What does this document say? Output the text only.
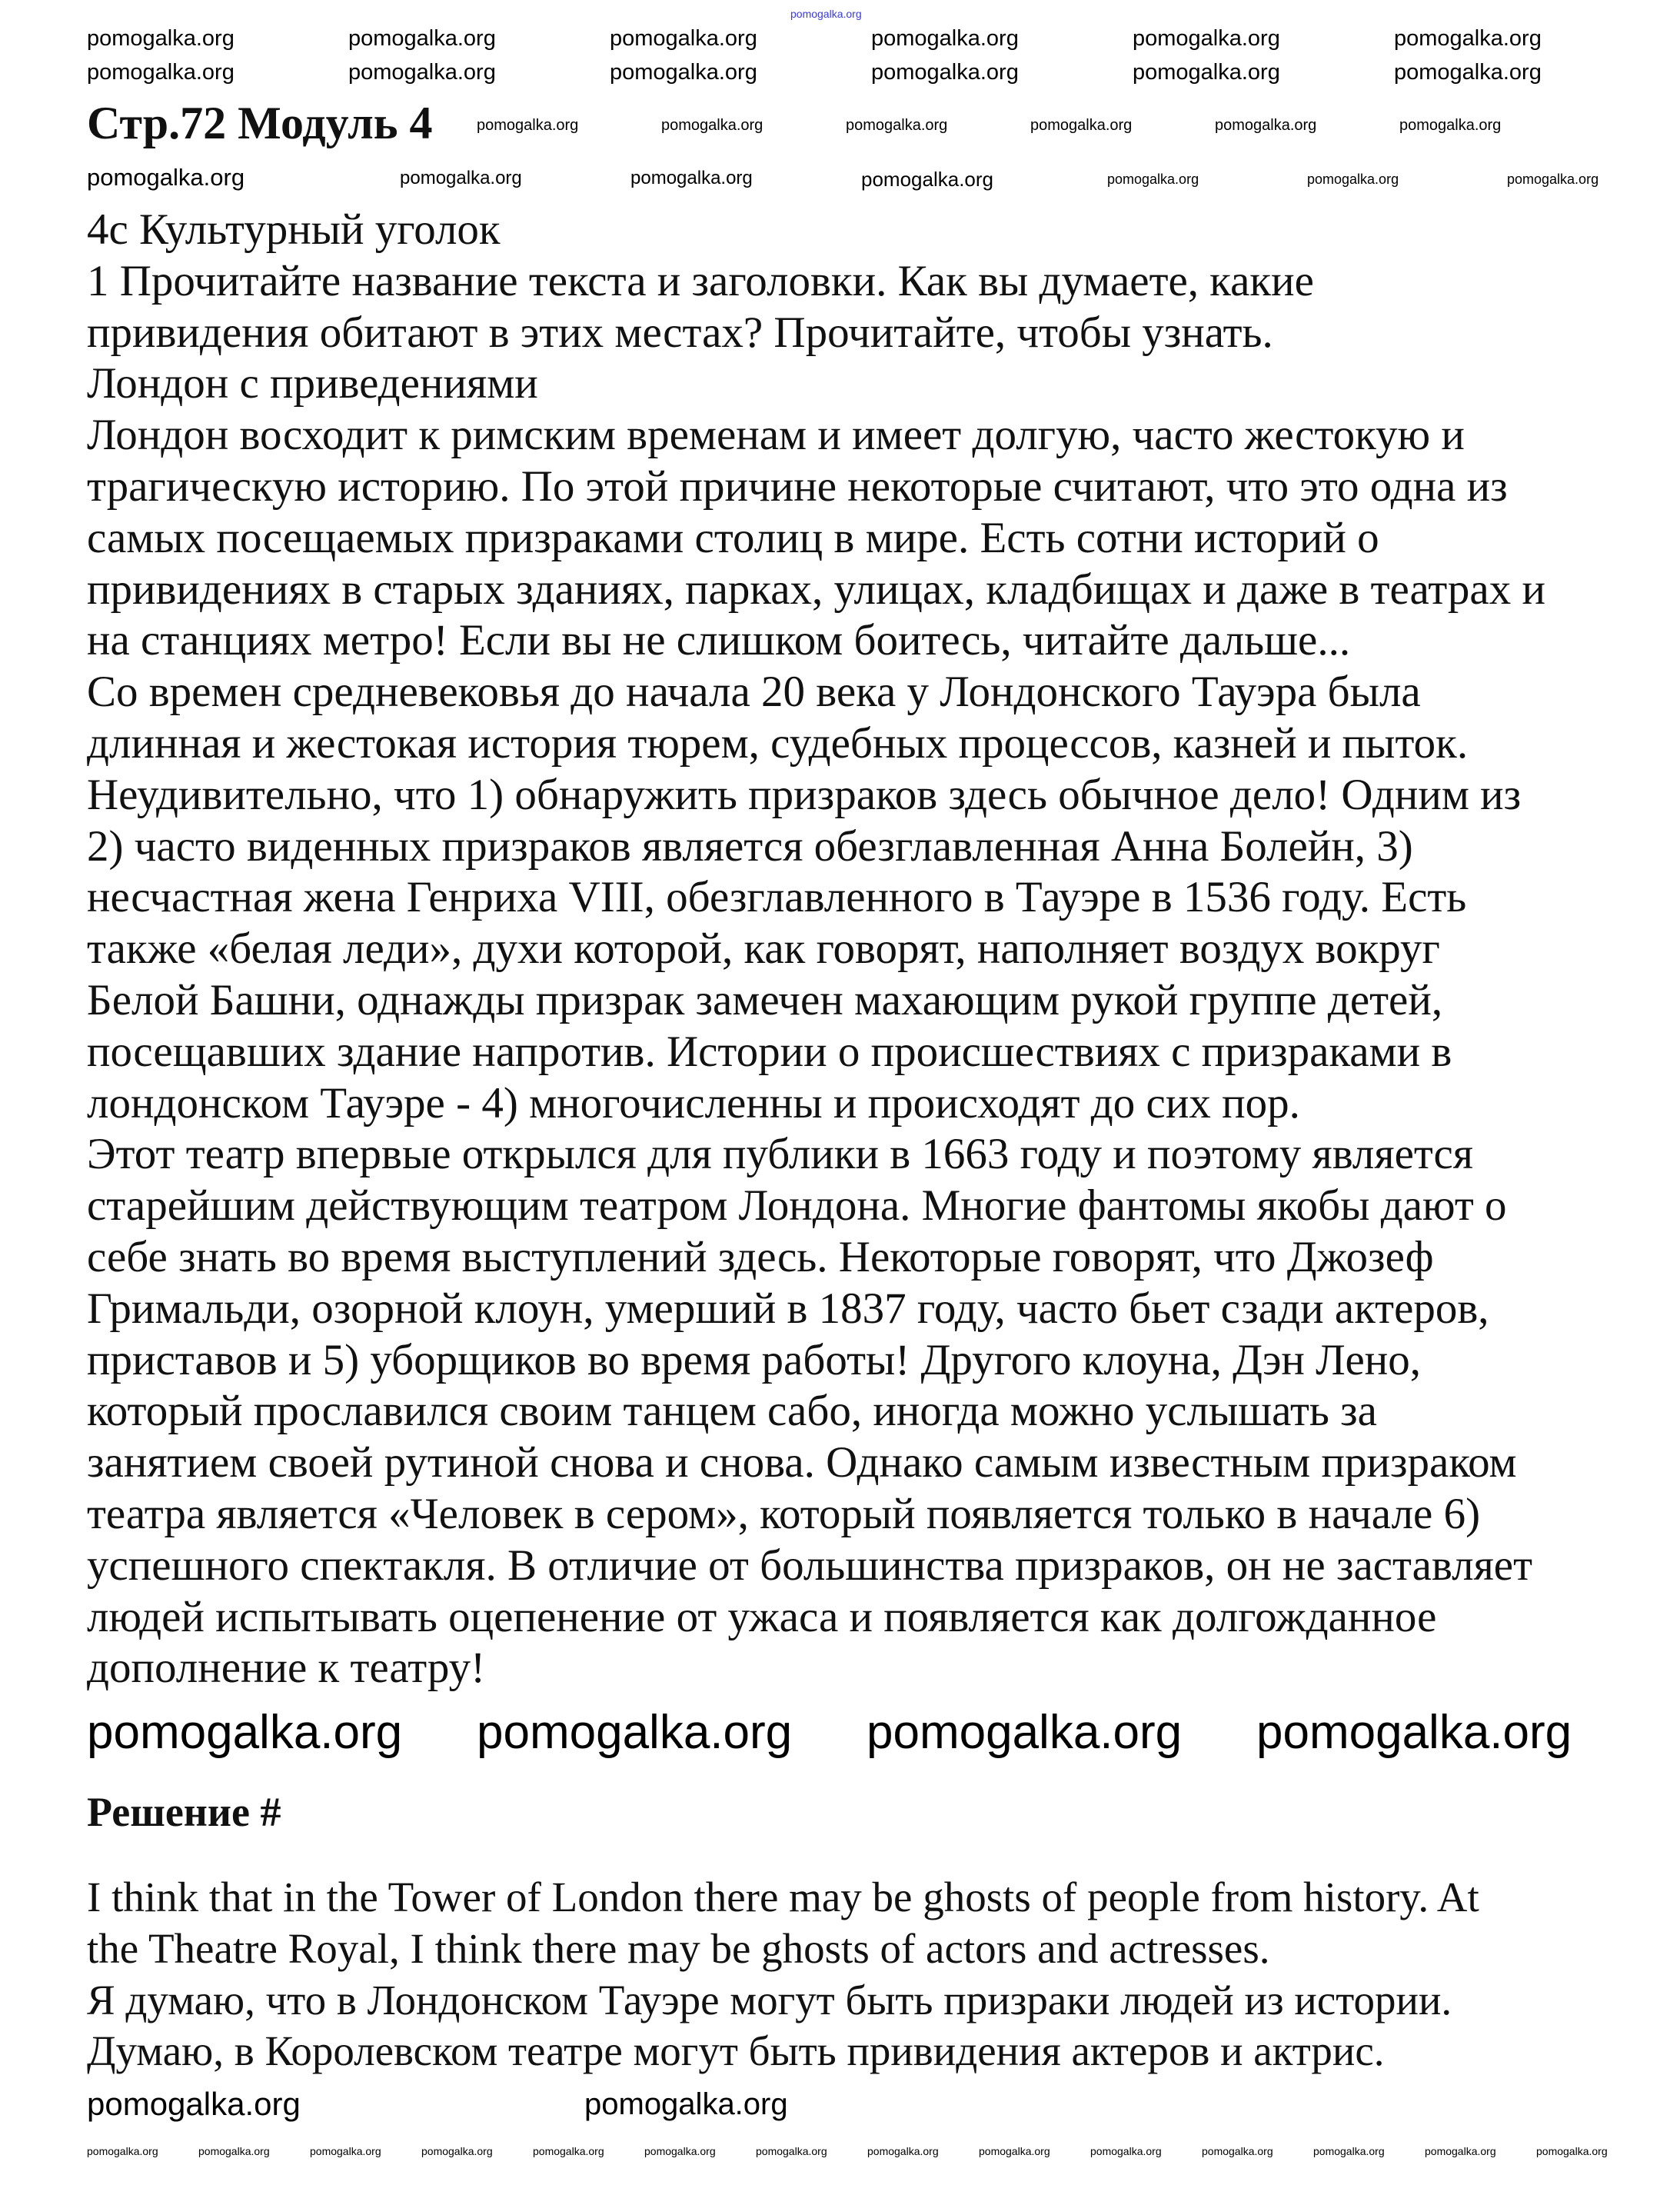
Стр.72 Модуль 4
4c Культурный уголок
1 Прочитайте название текста и заголовки. Как вы думаете, какие
привидения обитают в этих местах? Прочитайте, чтобы узнать.
Лондон с приведениями
Лондон восходит к римским временам и имеет долгую, часто жестокую и
трагическую историю. По этой причине некоторые считают, что это одна из
самых посещаемых призраками столиц в мире. Есть сотни историй о
привидениях в старых зданиях, парках, улицах, кладбищах и даже в театрах и
на станциях метро! Если вы не слишком боитесь, читайте дальше...
Со времен средневековья до начала 20 века у Лондонского Тауэра была
длинная и жестокая история тюрем, судебных процессов, казней и пыток.
Неудивительно, что 1) обнаружить призраков здесь обычное дело! Одним из
2) часто виденных призраков является обезглавленная Анна Болейн, 3)
несчастная жена Генриха VIII, обезглавленного в Тауэре в 1536 году. Есть
также «белая леди», духи которой, как говорят, наполняет воздух вокруг
Белой Башни, однажды призрак замечен махающим рукой группе детей,
посещавших здание напротив. Истории о происшествиях с призраками в
лондонском Тауэре - 4) многочисленны и происходят до сих пор.
Этот театр впервые открылся для публики в 1663 году и поэтому является
старейшим действующим театром Лондона. Многие фантомы якобы дают о
себе знать во время выступлений здесь. Некоторые говорят, что Джозеф
Гримальди, озорной клоун, умерший в 1837 году, часто бьет сзади актеров,
приставов и 5) уборщиков во время работы! Другого клоуна, Дэн Лено,
который прославился своим танцем сабо, иногда можно услышать за
занятием своей рутиной снова и снова. Однако самым известным призраком
театра является «Человек в сером», который появляется только в начале 6)
успешного спектакля. В отличие от большинства призраков, он не заставляет
людей испытывать оцепенение от ужаса и появляется как долгожданное
дополнение к театру!
Решение #
I think that in the Tower of London there may be ghosts of people from history. At
the Theatre Royal, I think there may be ghosts of actors and actresses.
Я думаю, что в Лондонском Тауэре могут быть призраки людей из истории.
Думаю, в Королевском театре могут быть привидения актеров и актрис.
pomogalka.org
pomogalka.org	pomogalka.org	pomogalka.org	pomogalka.org	pomogalka.org	pomogalka.org
pomogalka.org	pomogalka.org	pomogalka.org	pomogalka.org	pomogalka.org	pomogalka.org
pomogalka.org	pomogalka.org	pomogalka.org	pomogalka.org	pomogalka.org	pomogalka.org
pomogalka.org	pomogalka.org	pomogalka.org	pomogalka.org	pomogalka.org	pomogalka.org	pomogalka.org
pomogalka.org pomogalka.org pomogalka.org pomogalka.org
pomogalka.org	pomogalka.org
pomogalka.org	pomogalka.org	pomogalka.org	pomogalka.org	pomogalka.org	pomogalka.org	pomogalka.org	pomogalka.org	pomogalka.org	pomogalka.org	pomogalka.org	pomogalka.org	pomogalka.org	pomogalka.org
